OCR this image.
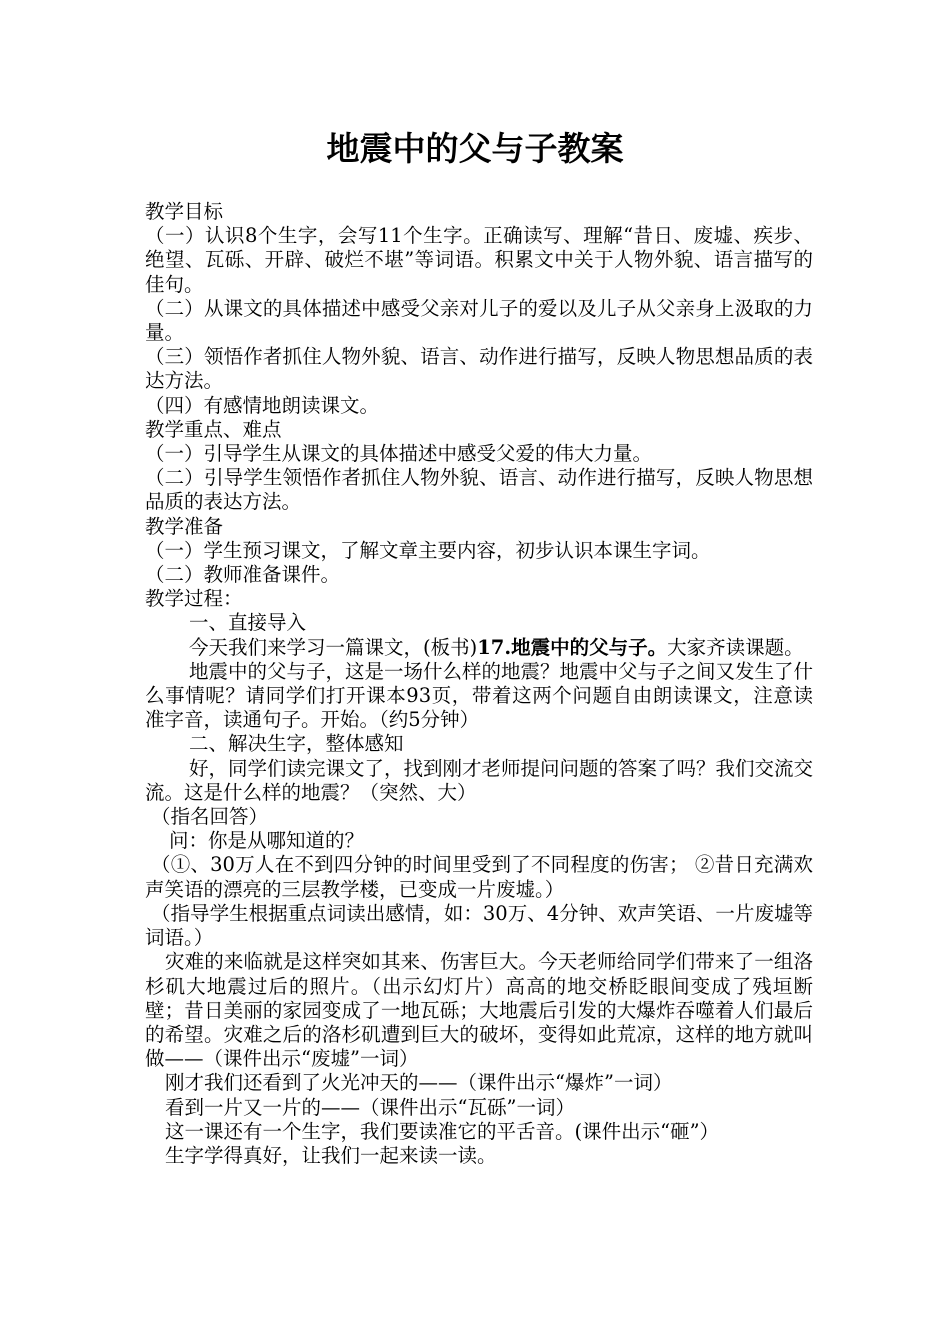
地震中的父与子教案

教学目标

（一）认识8个生字，会写11个生字。正确读写、理解“昔日、废墟、疾步、绝望、瓦砾、开辟、破烂不堪”等词语。积累文中关于人物外貌、语言描写的佳句。

（二）从课文的具体描述中感受父亲对儿子的爱以及儿子从父亲身上汲取的力量。

（三）领悟作者抓住人物外貌、语言、动作进行描写，反映人物思想品质的表达方法。

（四）有感情地朗读课文。

教学重点、难点

（一）引导学生从课文的具体描述中感受父爱的伟大力量。

（二）引导学生领悟作者抓住人物外貌、语言、动作进行描写，反映人物思想品质的表达方法。

教学准备

（一）学生预习课文，了解文章主要内容，初步认识本课生字词。

（二）教师准备课件。

教学过程：

一、直接导入

今天我们来学习一篇课文，(板书)17.地震中的父与子。大家齐读课题。

地震中的父与子，这是一场什么样的地震？地震中父与子之间又发生了什么事情呢？请同学们打开课本93页，带着这两个问题自由朗读课文，注意读准字音，读通句子。开始。（约5分钟）

二、解决生字，整体感知

好，同学们读完课文了，找到刚才老师提问问题的答案了吗？我们交流交流。这是什么样的地震？（突然、大）

（指名回答）

问：你是从哪知道的？

（①、30万人在不到四分钟的时间里受到了不同程度的伤害； ②昔日充满欢声笑语的漂亮的三层教学楼，已变成一片废墟。）

（指导学生根据重点词读出感情，如：30万、4分钟、欢声笑语、一片废墟等词语。）

灾难的来临就是这样突如其来、伤害巨大。今天老师给同学们带来了一组洛杉矶大地震过后的照片。（出示幻灯片）高高的地交桥眨眼间变成了残垣断壁；昔日美丽的家园变成了一地瓦砾；大地震后引发的大爆炸吞噬着人们最后的希望。灾难之后的洛杉矶遭到巨大的破坏，变得如此荒凉，这样的地方就叫做——（课件出示“废墟”一词）

刚才我们还看到了火光冲天的——（课件出示“爆炸”一词）

看到一片又一片的——（课件出示“瓦砾”一词）

这一课还有一个生字，我们要读准它的平舌音。(课件出示“砸”）

生字学得真好，让我们一起来读一读。
